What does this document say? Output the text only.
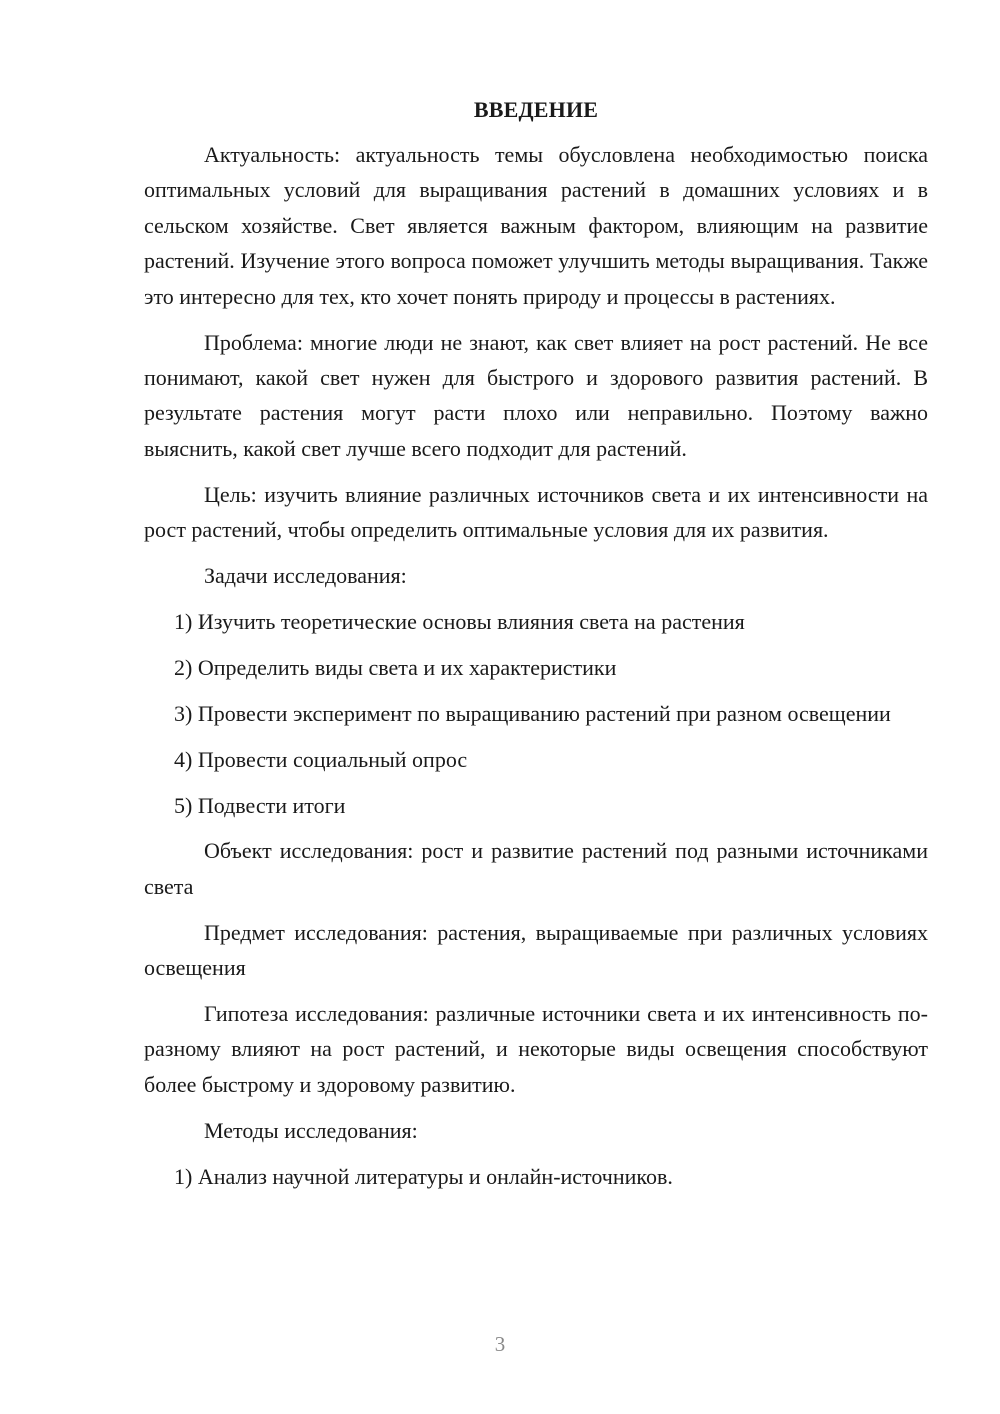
ВВЕДЕНИЕ

Актуальность: актуальность темы обусловлена необходимостью поиска оптимальных условий для выращивания растений в домашних условиях и в сельском хозяйстве. Свет является важным фактором, влияющим на развитие растений. Изучение этого вопроса поможет улучшить методы выращивания. Также это интересно для тех, кто хочет понять природу и процессы в растениях.

Проблема: многие люди не знают, как свет влияет на рост растений. Не все понимают, какой свет нужен для быстрого и здорового развития растений. В результате растения могут расти плохо или неправильно. Поэтому важно выяснить, какой свет лучше всего подходит для растений.

Цель: изучить влияние различных источников света и их интенсивности на рост растений, чтобы определить оптимальные условия для их развития.

Задачи исследования:

1) Изучить теоретические основы влияния света на растения

2) Определить виды света и их характеристики

3) Провести эксперимент по выращиванию растений при разном освещении

4) Провести социальный опрос

5) Подвести итоги

Объект исследования: рост и развитие растений под разными источниками света

Предмет исследования: растения, выращиваемые при различных условиях освещения

Гипотеза исследования: различные источники света и их интенсивность по-разному влияют на рост растений, и некоторые виды освещения способствуют более быстрому и здоровому развитию.

Методы исследования:

1) Анализ научной литературы и онлайн-источников.

3
